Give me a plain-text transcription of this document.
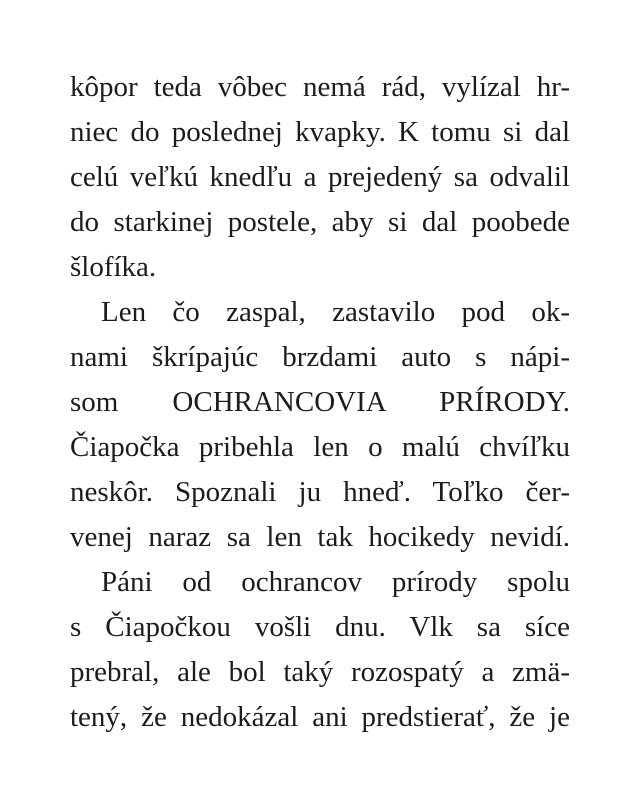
kôpor teda vôbec nemá rád, vylízal hr-
niec do poslednej kvapky. K tomu si dal
celú veľkú knedľu a prejedený sa odvalil
do starkinej postele, aby si dal poobede
šlofíka.
Len čo zaspal, zastavilo pod ok-
nami škrípajúc brzdami auto s nápi-
som OCHRANCOVIA PRÍRODY.
Čiapočka pribehla len o malú chvíľku
neskôr. Spoznali ju hneď. Toľko čer-
venej naraz sa len tak hocikedy nevidí.
Páni od ochrancov prírody spolu
s Čiapočkou vošli dnu. Vlk sa síce
prebral, ale bol taký rozospatý a zmä-
tený, že nedokázal ani predstierať, že je
